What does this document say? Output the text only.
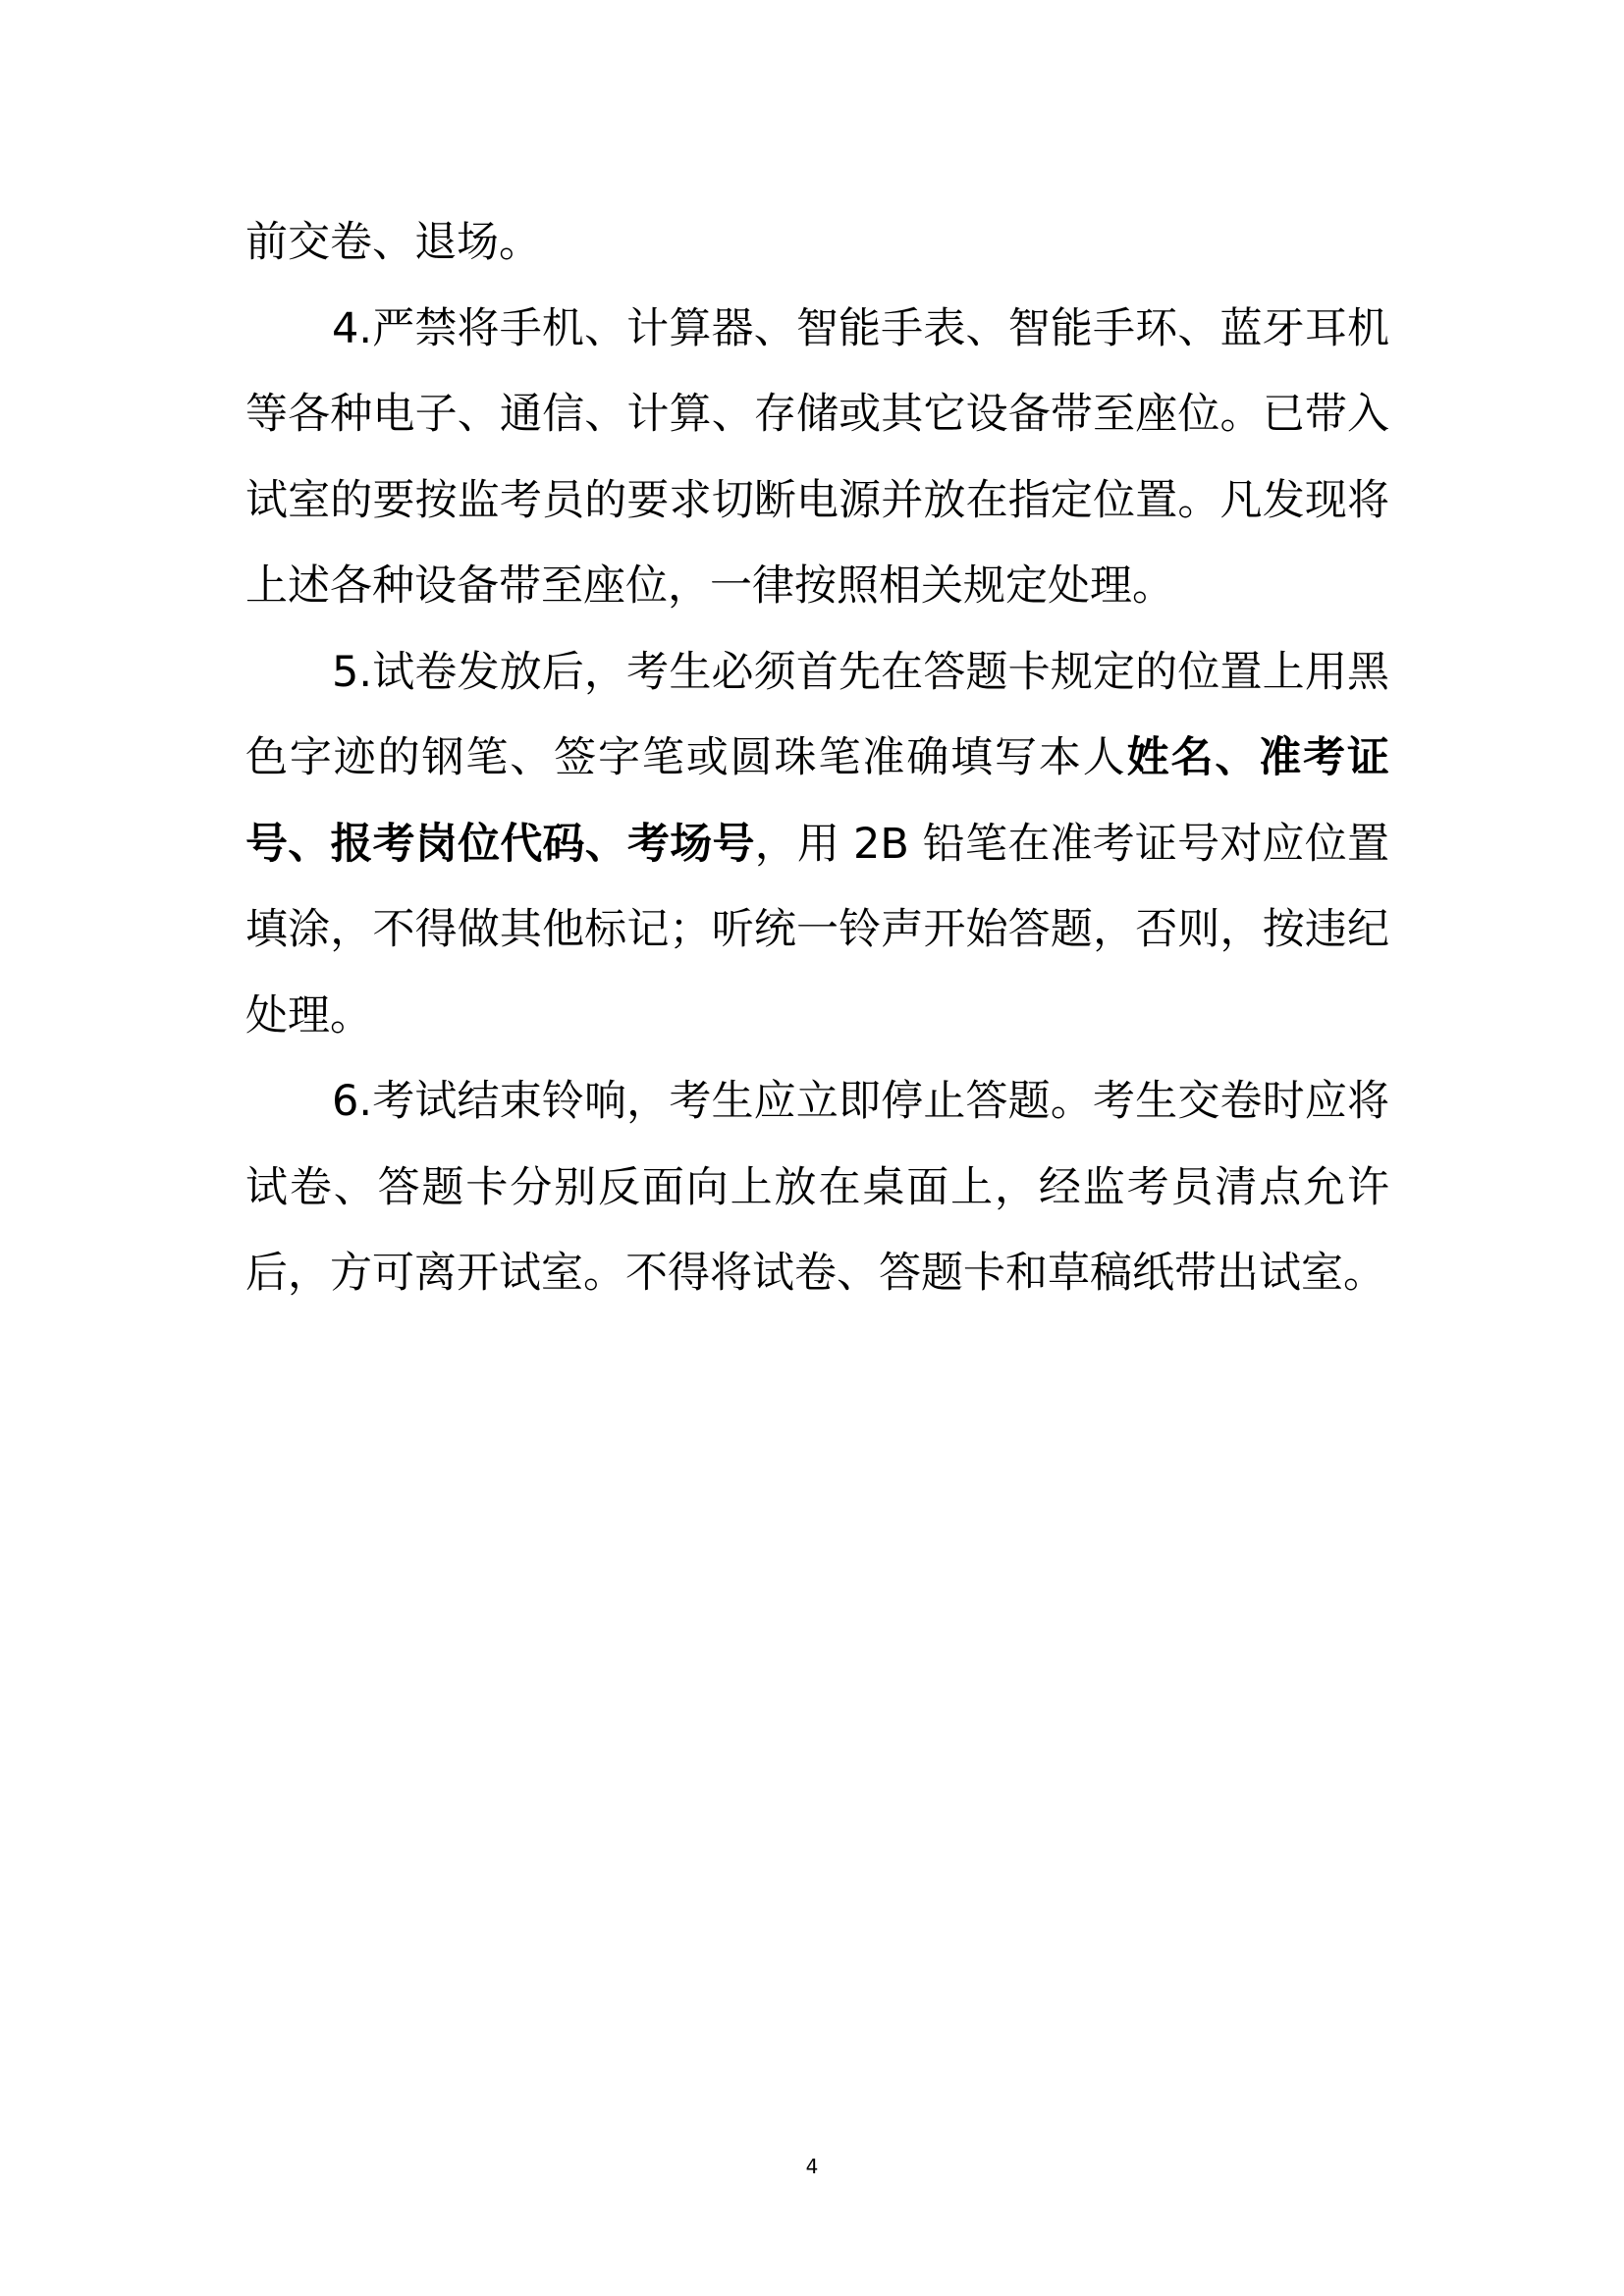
前交卷、退场。

4.严禁将手机、计算器、智能手表、智能手环、蓝牙耳机等各种电子、通信、计算、存储或其它设备带至座位。已带入试室的要按监考员的要求切断电源并放在指定位置。凡发现将上述各种设备带至座位，一律按照相关规定处理。

5.试卷发放后，考生必须首先在答题卡规定的位置上用黑色字迹的钢笔、签字笔或圆珠笔准确填写本人姓名、准考证号、报考岗位代码、考场号，用 2B 铅笔在准考证号对应位置填涂，不得做其他标记；听统一铃声开始答题，否则，按违纪处理。

6.考试结束铃响，考生应立即停止答题。考生交卷时应将试卷、答题卡分别反面向上放在桌面上，经监考员清点允许后，方可离开试室。不得将试卷、答题卡和草稿纸带出试室。

4
